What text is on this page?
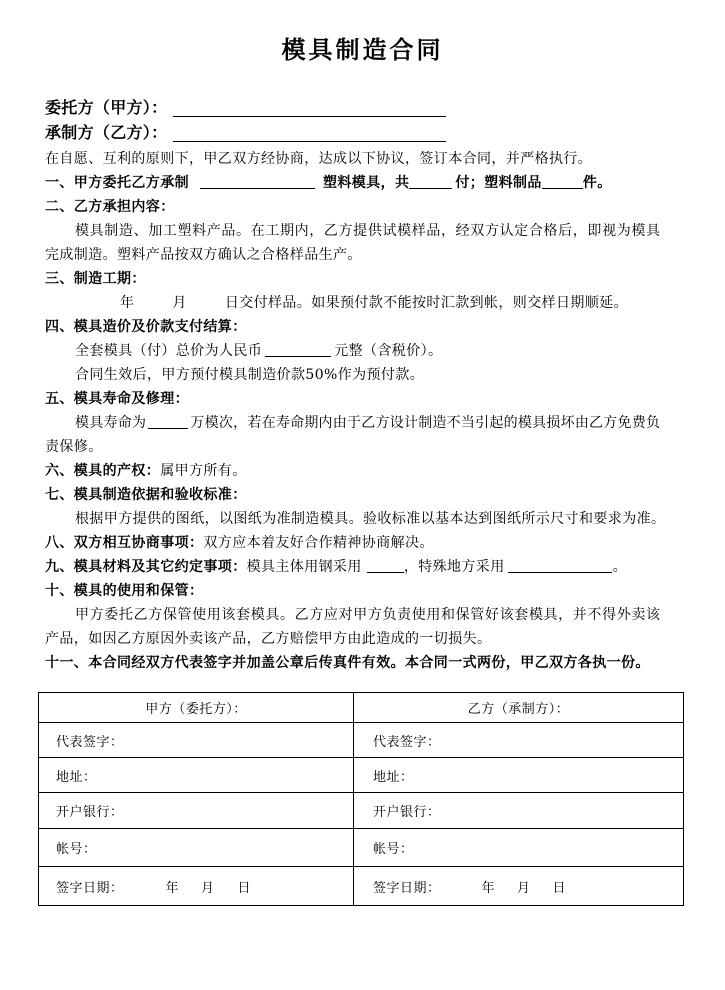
模具制造合同
委托方（甲方）：
承制方（乙方）：
在自愿、互利的原则下，甲乙双方经协商，达成以下协议，签订本合同，并严格执行。
一、甲方委托乙方承制	塑料模具，共	付；塑料制品	件。
二、乙方承担内容：
模具制造、加工塑料产品。在工期内，乙方提供试模样品，经双方认定合格后，即视为模具
完成制造。塑料产品按双方确认之合格样品生产。
三、制造工期：
年	月	日交付样品。如果预付款不能按时汇款到帐，则交样日期顺延。
四、模具造价及价款支付结算：
全套模具（付）总价为人民币	元整（含税价）。
合同生效后，甲方预付模具制造价款50%作为预付款。
五、模具寿命及修理：
模具寿命为	万模次，若在寿命期内由于乙方设计制造不当引起的模具损坏由乙方免费负
责保修。
六、模具的产权：属甲方所有。
七、模具制造依据和验收标准：
根据甲方提供的图纸，以图纸为准制造模具。验收标准以基本达到图纸所示尺寸和要求为准。
八、双方相互协商事项：双方应本着友好合作精神协商解决。
九、模具材料及其它约定事项：模具主体用钢采用	，特殊地方采用	。
十、模具的使用和保管：
甲方委托乙方保管使用该套模具。乙方应对甲方负责使用和保管好该套模具，并不得外卖该
产品，如因乙方原因外卖该产品，乙方赔偿甲方由此造成的一切损失。
十一、本合同经双方代表签字并加盖公章后传真件有效。本合同一式两份，甲乙双方各执一份。
甲方（委托方）：	乙方（承制方）：
代表签字：	代表签字：
地址：	地址：
开户银行：	开户银行：
帐号：	帐号：
签字日期： 年 月 日	签字日期： 年 月 日
